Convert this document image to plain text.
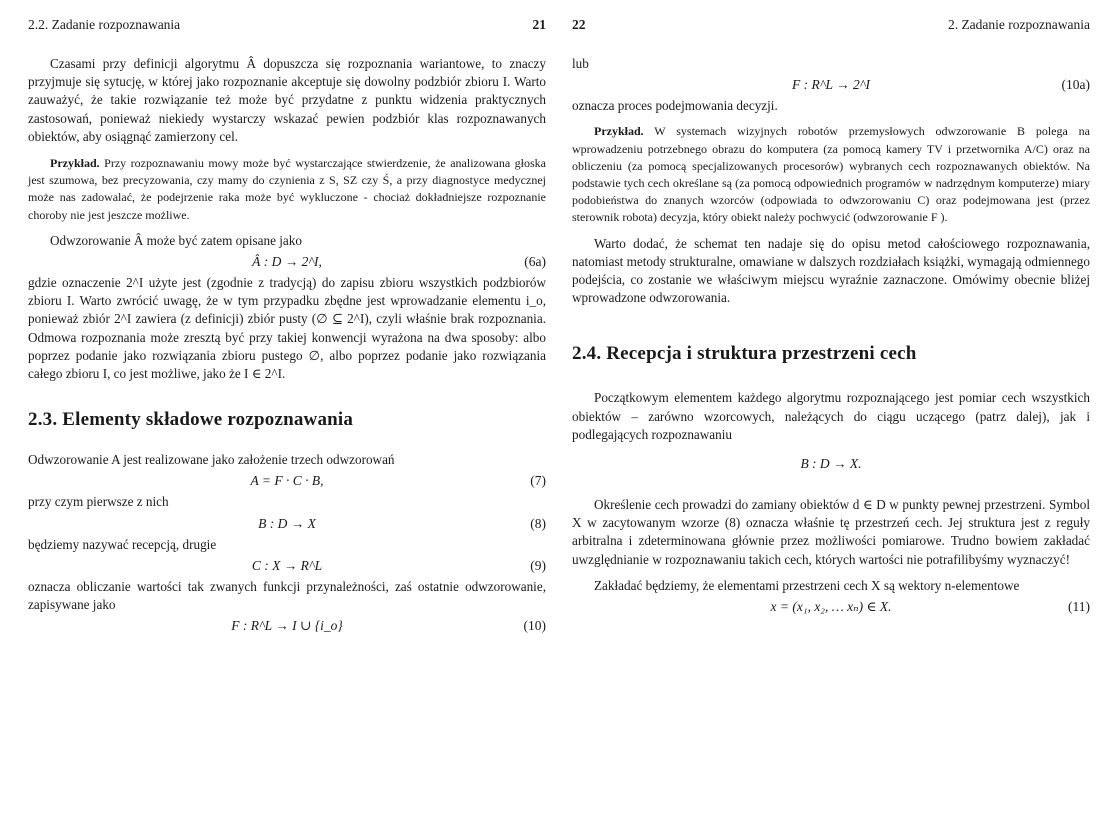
2.2. Zadanie rozpoznawania	21

Czasami przy definicji algorytmu Â dopuszcza się rozpoznania wariantowe, to znaczy przyjmuje się sytucję, w której jako rozpoznanie akceptuje się dowolny podzbiór zbioru I. Warto zauważyć, że takie rozwiązanie też może być przydatne z punktu widzenia praktycznych zastosowań, ponieważ niekiedy wystarczy wskazać pewien podzbiór klas rozpoznawanych obiektów, aby osiągnąć zamierzony cel.

Przykład. Przy rozpoznawaniu mowy może być wystarczające stwierdzenie, że analizowana głoska jest szumowa, bez precyzowania, czy mamy do czynienia z S, SZ czy Ś, a przy diagnostyce medycznej może nas zadowalać, że podejrzenie raka może być wykluczone - chociaż dokładniejsze rozpoznanie choroby nie jest jeszcze możliwe.

Odwzorowanie Â może być zatem opisane jako

Â : D → 2^I,	(6a)

gdzie oznaczenie 2^I użyte jest (zgodnie z tradycją) do zapisu zbioru wszystkich podzbiorów zbioru I. Warto zwrócić uwagę, że w tym przypadku zbędne jest wprowadzanie elementu i_o, ponieważ zbiór 2^I zawiera (z definicji) zbiór pusty (∅ ⊆ 2^I), czyli właśnie brak rozpoznania. Odmowa rozpoznania może zresztą być przy takiej konwencji wyrażona na dwa sposoby: albo poprzez podanie jako rozwiązania zbioru pustego ∅, albo poprzez podanie jako rozwiązania całego zbioru I, co jest możliwe, jako że I ∈ 2^I.

2.3. Elementy składowe rozpoznawania

Odwzorowanie A jest realizowane jako założenie trzech odwzorowań

A = F · C · B,	(7)

przy czym pierwsze z nich

B : D → X	(8)

będziemy nazywać recepcją, drugie

C : X → R^L	(9)

oznacza obliczanie wartości tak zwanych funkcji przynależności, zaś ostatnie odwzorowanie, zapisywane jako

F : R^L → I ∪ {i_o}	(10)
22	2. Zadanie rozpoznawania

lub

F : R^L → 2^I	(10a)

oznacza proces podejmowania decyzji.

Przykład. W systemach wizyjnych robotów przemysłowych odwzorowanie B polega na wprowadzeniu potrzebnego obrazu do komputera (za pomocą kamery TV i przetwornika A/C) oraz na obliczeniu (za pomocą specjalizowanych procesorów) wybranych cech rozpoznawanych obiektów. Na podstawie tych cech określane są (za pomocą odpowiednich programów w nadrzędnym komputerze) miary podobieństwa do znanych wzorców (odpowiada to odwzorowaniu C) oraz podejmowana jest (przez sterownik robota) decyzja, który obiekt należy pochwycić (odwzorowanie F ).

Warto dodać, że schemat ten nadaje się do opisu metod całościowego rozpoznawania, natomiast metody strukturalne, omawiane w dalszych rozdziałach książki, wymagają odmiennego podejścia, co zostanie we właściwym miejscu wyraźnie zaznaczone. Omówimy obecnie bliżej wprowadzone odwzorowania.

2.4. Recepcja i struktura przestrzeni cech

Początkowym elementem każdego algorytmu rozpoznającego jest pomiar cech wszystkich obiektów – zarówno wzorcowych, należących do ciągu uczącego (patrz dalej), jak i podlegających rozpoznawaniu

B : D → X.

Określenie cech prowadzi do zamiany obiektów d ∈ D w punkty pewnej przestrzeni. Symbol X w zacytowanym wzorze (8) oznacza właśnie tę przestrzeń cech. Jej struktura jest z reguły arbitralna i zdeterminowana głównie przez możliwości pomiarowe. Trudno bowiem zakładać uwzględnianie w rozpoznawaniu takich cech, których wartości nie potrafilibyśmy wyznaczyć!

Zakładać będziemy, że elementami przestrzeni cech X są wektory n-elementowe

x = (x₁, x₂, … xₙ) ∈ X.	(11)
